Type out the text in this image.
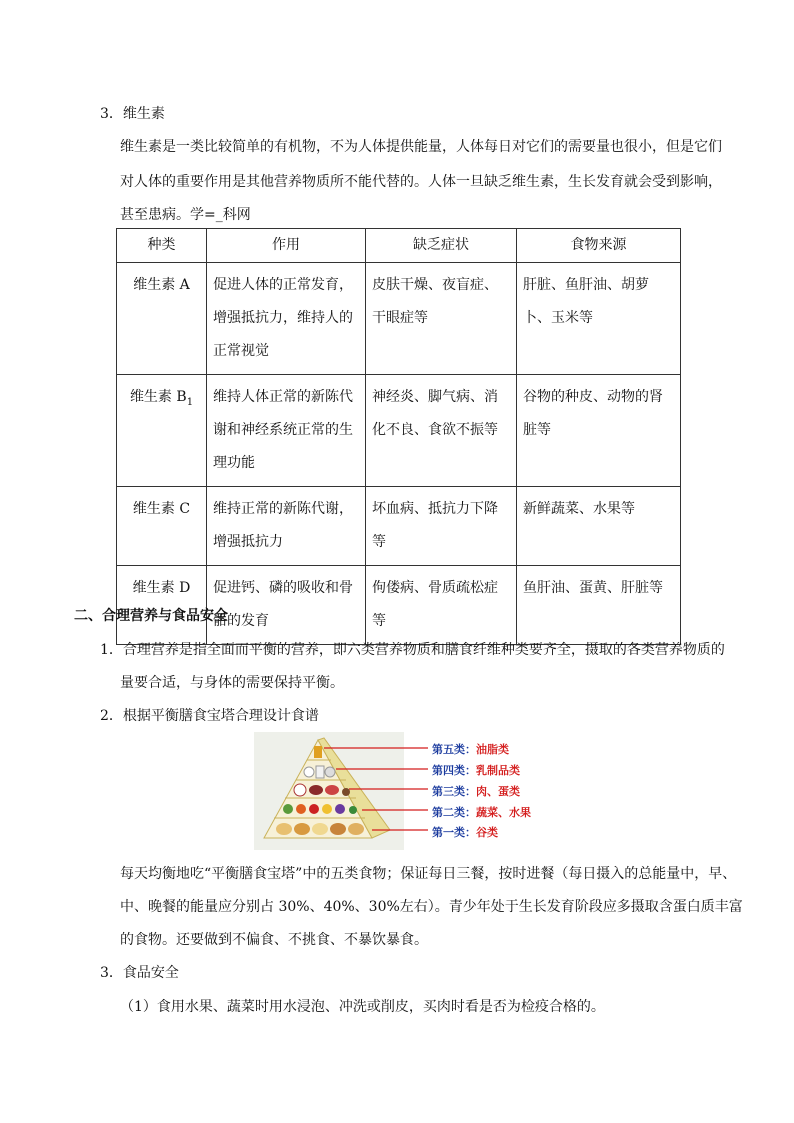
3．维生素
维生素是一类比较简单的有机物，不为人体提供能量，人体每日对它们的需要量也很小，但是它们
对人体的重要作用是其他营养物质所不能代替的。人体一旦缺乏维生素，生长发育就会受到影响，
甚至患病。学=_科网
种类	作用	缺乏症状	食物来源
维生素 A	促进人体的正常发育，增强抵抗力，维持人的正常视觉	皮肤干燥、夜盲症、干眼症等	肝脏、鱼肝油、胡萝卜、玉米等
维生素 $B_1$	维持人体正常的新陈代谢和神经系统正常的生理功能	神经炎、脚气病、消化不良、食欲不振等	谷物的种皮、动物的肾脏等
维生素 C	维持正常的新陈代谢，增强抵抗力	坏血病、抵抗力下降等	新鲜蔬菜、水果等
维生素 D	促进钙、磷的吸收和骨骼的发育	佝偻病、骨质疏松症等	鱼肝油、蛋黄、肝脏等
二、合理营养与食品安全
1．合理营养是指全面而平衡的营养，即六类营养物质和膳食纤维种类要齐全，摄取的各类营养物质的
量要合适，与身体的需要保持平衡。
2．根据平衡膳食宝塔合理设计食谱
第五类：油脂类
第四类：乳制品类
第三类：肉、蛋类
第二类：蔬菜、水果
第一类：谷类
每天均衡地吃“平衡膳食宝塔”中的五类食物；保证每日三餐，按时进餐（每日摄入的总能量中，早、
中、晚餐的能量应分别占 30%、40%、30%左右）。青少年处于生长发育阶段应多摄取含蛋白质丰富
的食物。还要做到不偏食、不挑食、不暴饮暴食。
3．食品安全
（1）食用水果、蔬菜时用水浸泡、冲洗或削皮，买肉时看是否为检疫合格的。
